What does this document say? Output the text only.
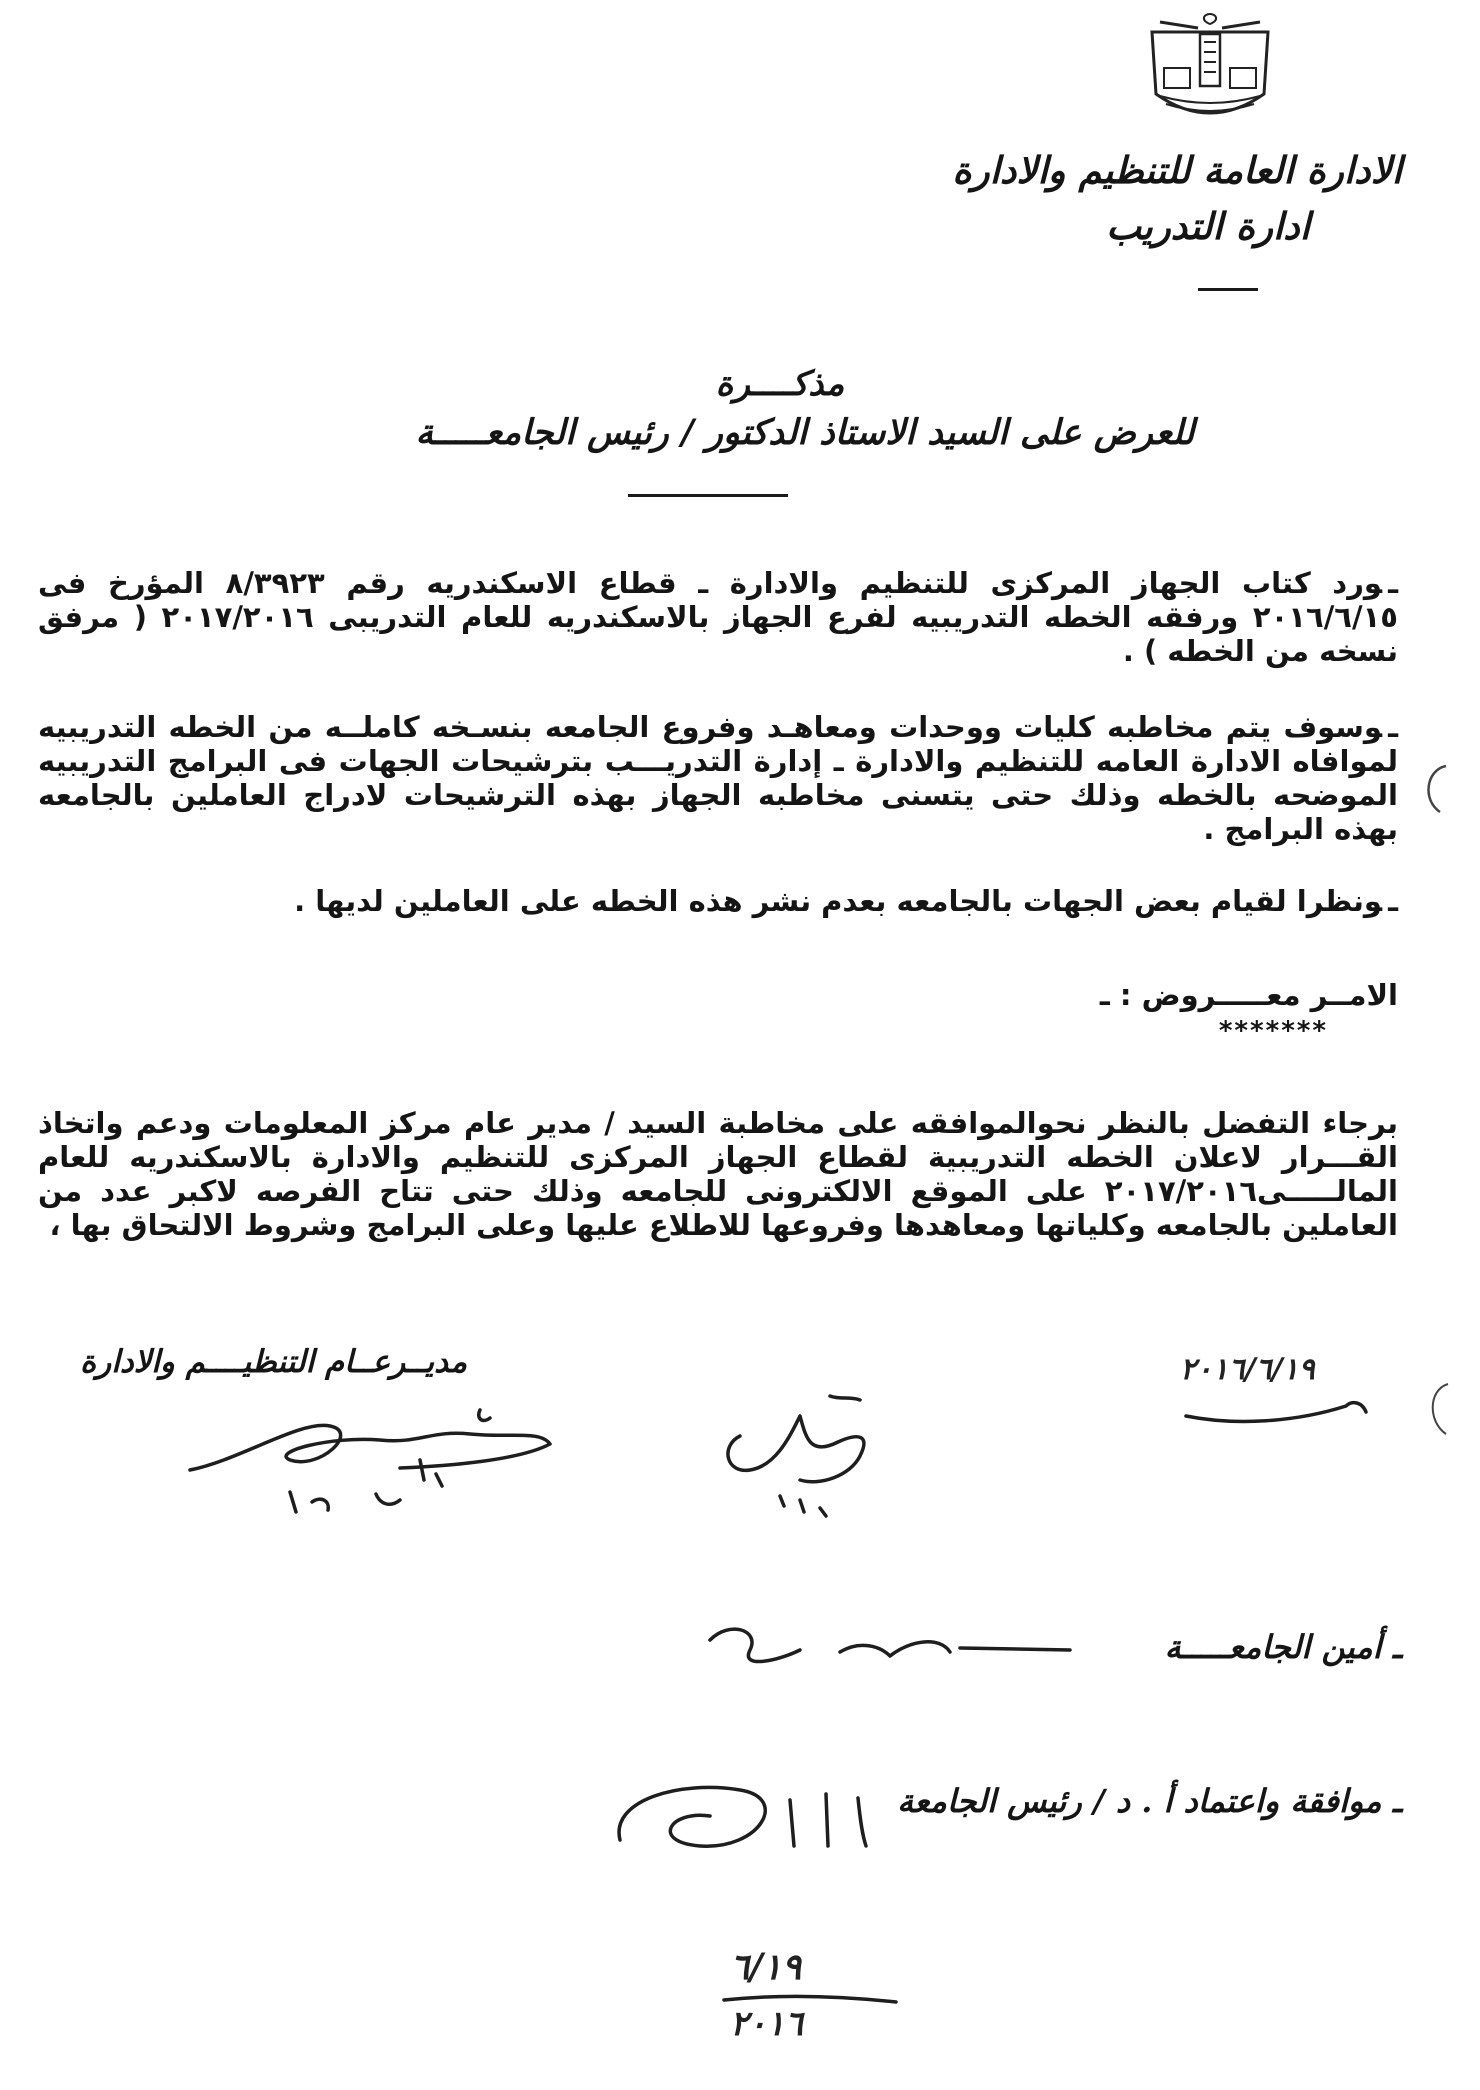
الادارة العامة للتنظيم والادارة
ادارة التدريب
مذكــــرة
للعرض على السيد الاستاذ الدكتور / رئيس الجامعـــــة
ـورد كتاب الجهاز المركزى للتنظيم والادارة ـ قطاع الاسكندريه رقم ٨/٣٩٢٣ المؤرخ فى ٢٠١٦/٦/١٥ ورفقه الخطه التدريبيه لفرع الجهاز بالاسكندريه للعام التدريبى ٢٠١٧/٢٠١٦ ( مرفق نسخه من الخطه ) .
ـوسوف يتم مخاطبه كليات ووحدات ومعاهـد وفروع الجامعه بنسـخه كاملــه من الخطه التدريبيه لموافاه الادارة العامه للتنظيم والادارة ـ إدارة التدريـــب بترشيحات الجهات فى البرامج التدريبيه الموضحه بالخطه وذلك حتى يتسنى مخاطبه الجهاز بهذه الترشيحات لادراج العاملين بالجامعه بهذه البرامج .
ـونظرا لقيام بعض الجهات بالجامعه بعدم نشر هذه الخطه على العاملين لديها .
الامــر معـــــروض : ـ
*******
برجاء التفضل بالنظر نحوالموافقه على مخاطبة السيد / مدير عام مركز المعلومات ودعم واتخاذ القـــرار لاعلان الخطه التدريبية لقطاع الجهاز المركزى للتنظيم والادارة بالاسكندريه للعام المالـــــى٢٠١٧/٢٠١٦ على الموقع الالكترونى للجامعه وذلك حتى تتاح الفرصه لاكبر عدد من العاملين بالجامعه وكلياتها ومعاهدها وفروعها للاطلاع عليها وعلى البرامج وشروط الالتحاق بها ،
مديــرعــام التنظيــــم والادارة	٢٠١٦/٦/١٩
ـ أمين الجامعـــــة
ـ موافقة واعتماد أ . د / رئيس الجامعة
٦/١٩
٢٠١٦
